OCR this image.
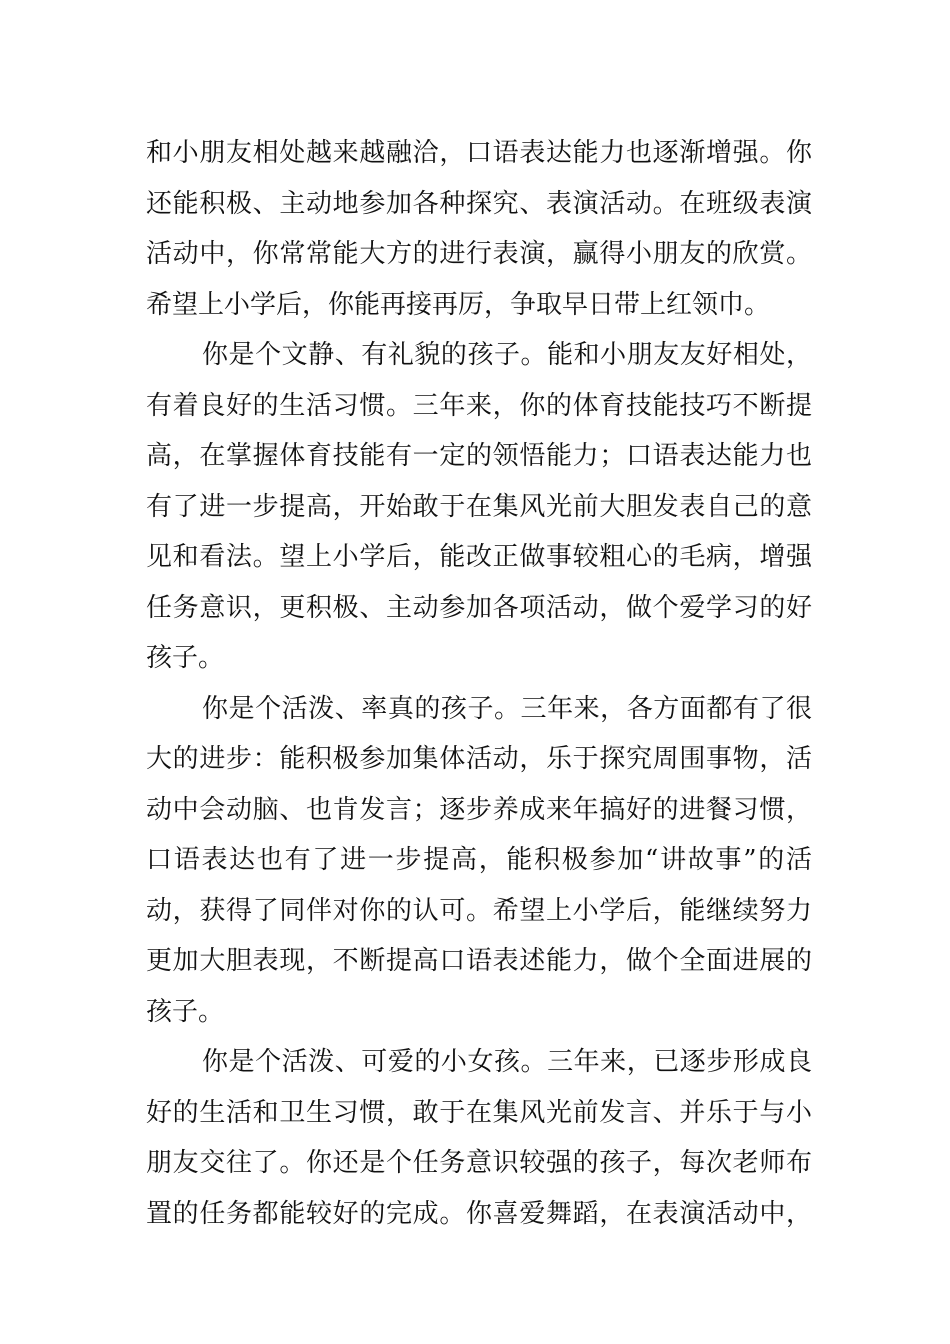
和小朋友相处越来越融洽，口语表达能力也逐渐增强。你
还能积极、主动地参加各种探究、表演活动。在班级表演
活动中，你常常能大方的进行表演，赢得小朋友的欣赏。
希望上小学后，你能再接再厉，争取早日带上红领巾。
你是个文静、有礼貌的孩子。能和小朋友友好相处，
有着良好的生活习惯。三年来，你的体育技能技巧不断提
高，在掌握体育技能有一定的领悟能力；口语表达能力也
有了进一步提高，开始敢于在集风光前大胆发表自己的意
见和看法。望上小学后，能改正做事较粗心的毛病，增强
任务意识，更积极、主动参加各项活动，做个爱学习的好
孩子。
你是个活泼、率真的孩子。三年来，各方面都有了很
大的进步：能积极参加集体活动，乐于探究周围事物，活
动中会动脑、也肯发言；逐步养成来年搞好的进餐习惯，
口语表达也有了进一步提高，能积极参加“讲故事”的活
动，获得了同伴对你的认可。希望上小学后，能继续努力
更加大胆表现，不断提高口语表述能力，做个全面进展的
孩子。
你是个活泼、可爱的小女孩。三年来，已逐步形成良
好的生活和卫生习惯，敢于在集风光前发言、并乐于与小
朋友交往了。你还是个任务意识较强的孩子，每次老师布
置的任务都能较好的完成。你喜爱舞蹈，在表演活动中，
